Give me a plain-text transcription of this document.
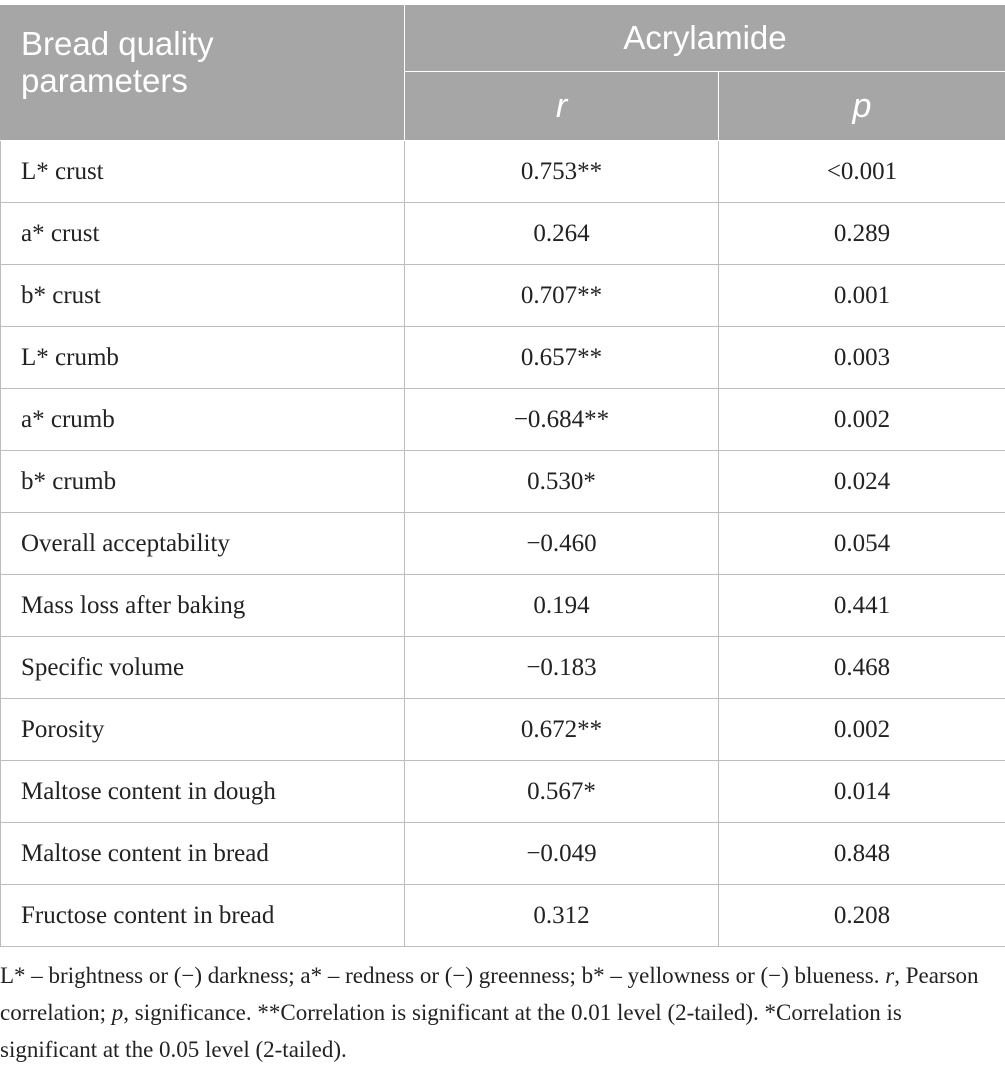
Bread quality parameters	Acrylamide	
	r	p
L* crust	0.753**	<0.001
a* crust	0.264	0.289
b* crust	0.707**	0.001
L* crumb	0.657**	0.003
a* crumb	−0.684**	0.002
b* crumb	0.530*	0.024
Overall acceptability	−0.460	0.054
Mass loss after baking	0.194	0.441
Specific volume	−0.183	0.468
Porosity	0.672**	0.002
Maltose content in dough	0.567*	0.014
Maltose content in bread	−0.049	0.848
Fructose content in bread	0.312	0.208

L* – brightness or (−) darkness; a* – redness or (−) greenness; b* – yellowness or (−) blueness. r, Pearson correlation; p, significance. **Correlation is significant at the 0.01 level (2-tailed). *Correlation is significant at the 0.05 level (2-tailed).
